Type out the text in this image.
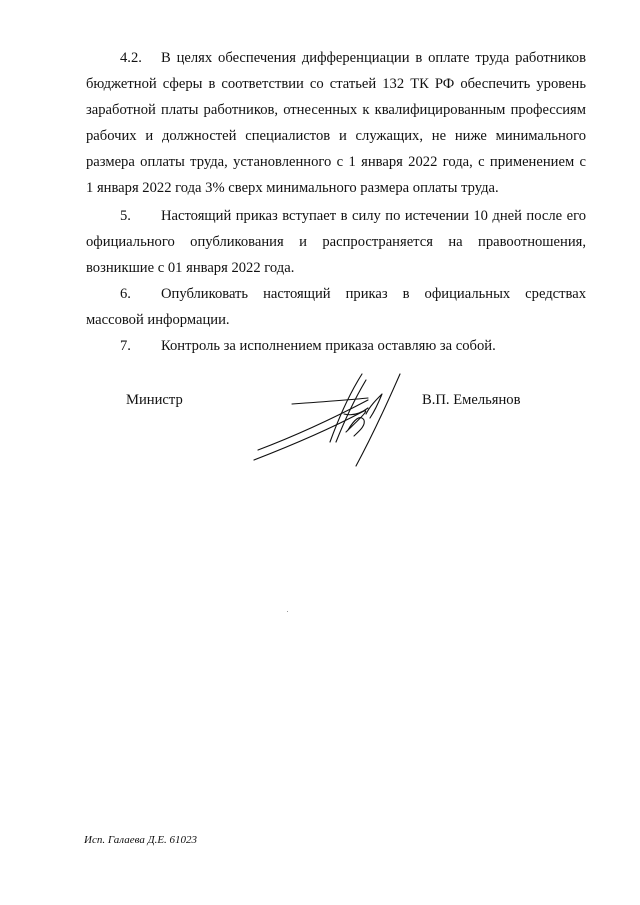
4.2. В целях обеспечения дифференциации в оплате труда работников
бюджетной сферы в соответствии со статьей 132 ТК РФ обеспечить уровень
заработной платы работников, отнесенных к квалифицированным профессиям
рабочих и должностей специалистов и служащих, не ниже минимального
размера оплаты труда, установленного с 1 января 2022 года, с применением с
1 января 2022 года 3% сверх минимального размера оплаты труда.
5. Настоящий приказ вступает в силу по истечении 10 дней после его
официального опубликования и распространяется на правоотношения,
возникшие с 01 января 2022 года.
6. Опубликовать настоящий приказ в официальных средствах
массовой информации.
7. Контроль за исполнением приказа оставляю за собой.
Министр	В.П. Емельянов
Исп. Галаева Д.Е. 61023
